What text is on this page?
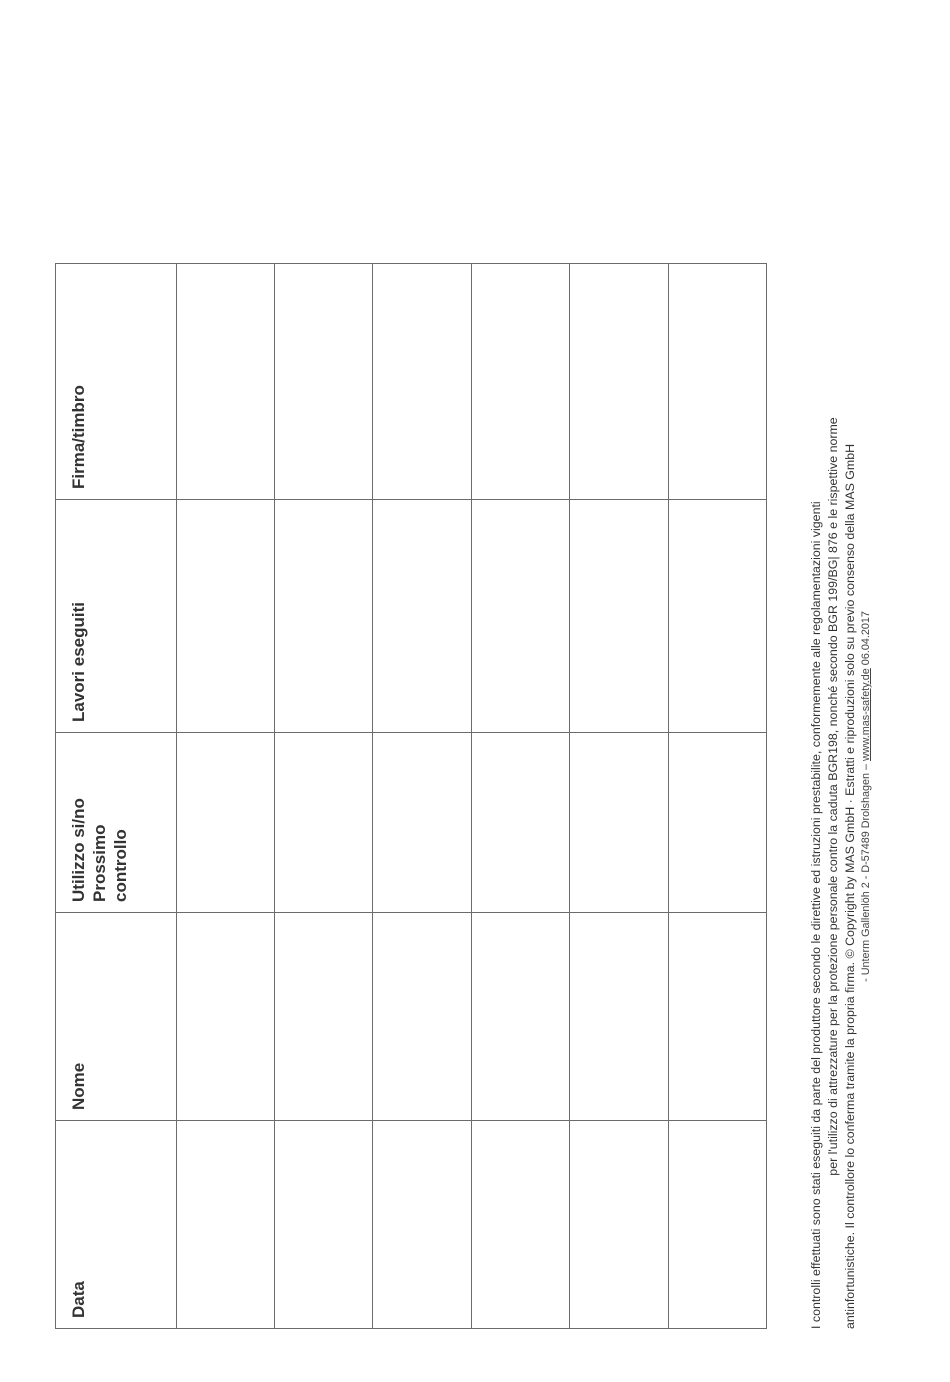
Data	Nome	Utilizzo si/no Prossimo controllo	Lavori eseguiti	Firma/timbro

I controlli effettuati sono stati eseguiti da parte del produttore secondo le direttive ed istruzioni prestabilite, conformemente alle regolamentazioni vigenti per l'utilizzo di attrezzature per la protezione personale contro la caduta BGR198, nonché secondo BGR 199/BG| 876 e le rispettive norme antinfortunistiche. Il controllore lo conferma tramite la propria firma. © Copyright by MAS GmbH · Estratti e riproduzioni solo su previo consenso della MAS GmbH - Unterm Gallenlöh 2 - D-57489 Drolshagen – www.mas-safety.de 06.04.2017
